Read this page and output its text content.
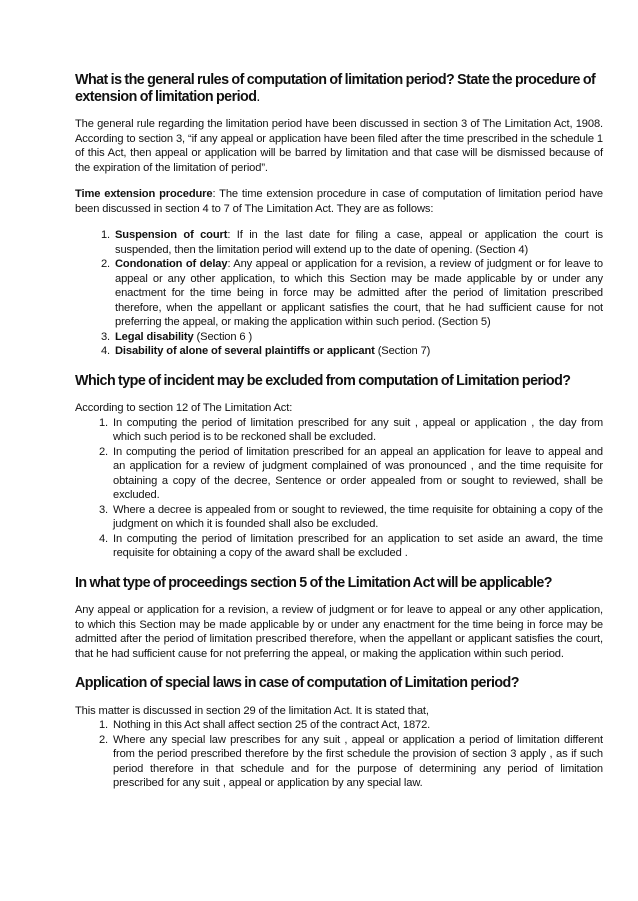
What is the general rules of computation of limitation period? State the procedure of extension of limitation period.

The general rule regarding the limitation period have been discussed in section 3 of The Limitation Act, 1908. According to section 3, “if any appeal or application have been filed after the time prescribed in the schedule 1 of this Act, then appeal or application will be barred by limitation and that case will be dismissed because of the expiration of the limitation of period”.

Time extension procedure: The time extension procedure in case of computation of limitation period have been discussed in section 4 to 7 of The Limitation Act. They are as follows:

1. Suspension of court: If in the last date for filing a case, appeal or application the court is suspended, then the limitation period will extend up to the date of opening. (Section 4)
2. Condonation of delay: Any appeal or application for a revision, a review of judgment or for leave to appeal or any other application, to which this Section may be made applicable by or under any enactment for the time being in force may be admitted after the period of limitation prescribed therefore, when the appellant or applicant satisfies the court, that he had sufficient cause for not preferring the appeal, or making the application within such period. (Section 5)
3. Legal disability (Section 6 )
4. Disability of alone of several plaintiffs or applicant (Section 7)
Which type of incident may be excluded from computation of Limitation period?

According to section 12 of The Limitation Act:

1. In computing the period of limitation prescribed for any suit , appeal or application , the day from which such period is to be reckoned shall be excluded.
2. In computing the period of limitation prescribed for an appeal an application for leave to appeal and an application for a review of judgment complained of was pronounced , and the time requisite for obtaining a copy of the decree, Sentence or order appealed from or sought to reviewed, shall be excluded.
3. Where a decree is appealed from or sought to reviewed, the time requisite for obtaining a copy of the judgment on which it is founded shall also be excluded.
4. In computing the period of limitation prescribed for an application to set aside an award, the time requisite for obtaining a copy of the award shall be excluded .
In what type of proceedings section 5 of the Limitation Act will be applicable?

Any appeal or application for a revision, a review of judgment or for leave to appeal or any other application, to which this Section may be made applicable by or under any enactment for the time being in force may be admitted after the period of limitation prescribed therefore, when the appellant or applicant satisfies the court, that he had sufficient cause for not preferring the appeal, or making the application within such period.

Application of special laws in case of computation of Limitation period?

This matter is discussed in section 29 of the limitation Act. It is stated that,

1. Nothing in this Act shall affect section 25 of the contract Act, 1872.
2. Where any special law prescribes for any suit , appeal or application a period of limitation different from the period prescribed therefore by the first schedule the provision of section 3 apply , as if such period therefore in that schedule and for the purpose of determining any period of limitation prescribed for any suit , appeal or application by any special law.
